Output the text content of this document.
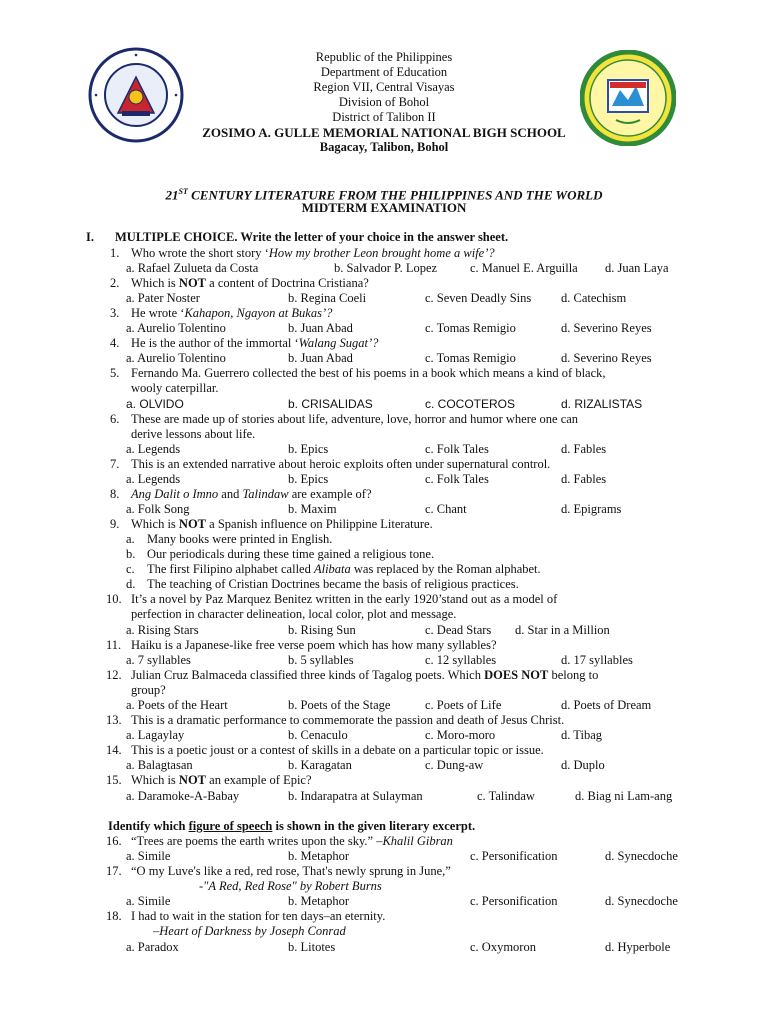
Republic of the Philippines
Department of Education
Region VII, Central Visayas
Division of Bohol
District of Talibon II
ZOSIMO A. GULLE MEMORIAL NATIONAL BIGH SCHOOL
Bagacay, Talibon, Bohol
21ST CENTURY LITERATURE FROM THE PHILIPPINES AND THE WORLD
MIDTERM EXAMINATION
I. MULTIPLE CHOICE. Write the letter of your choice in the answer sheet.
1. Who wrote the short story ‘How my brother Leon brought home a wife’?
a. Rafael Zulueta da Costa	b. Salvador P. Lopez	c. Manuel E. Arguilla d. Juan Laya
2. Which is NOT a content of Doctrina Cristiana?
a. Pater Noster	b. Regina Coeli	c. Seven Deadly Sins d. Catechism
3. He wrote ‘Kahapon, Ngayon at Bukas’?
a. Aurelio Tolentino	b. Juan Abad	c. Tomas Remigio	d. Severino Reyes
4. He is the author of the immortal ‘Walang Sugat’?
a. Aurelio Tolentino	b. Juan Abad	c. Tomas Remigio	d. Severino Reyes
5. Fernando Ma. Guerrero collected the best of his poems in a book which means a kind of black,
wooly caterpillar.
a. OLVIDO	b. CRISALIDAS	c. COCOTEROS	d. RIZALISTAS
6. These are made up of stories about life, adventure, love, horror and humor where one can
derive lessons about life.
a. Legends	b. Epics	c. Folk Tales	d. Fables
7. This is an extended narrative about heroic exploits often under supernatural control.
a. Legends	b. Epics	c. Folk Tales	d. Fables
8. Ang Dalit o Imno and Talindaw are example of?
a. Folk Song	b. Maxim	c. Chant	d. Epigrams
9. Which is NOT a Spanish influence on Philippine Literature.
a. Many books were printed in English.
b. Our periodicals during these time gained a religious tone.
c. The first Filipino alphabet called Alibata was replaced by the Roman alphabet.
d. The teaching of Cristian Doctrines became the basis of religious practices.
10. It’s a novel by Paz Marquez Benitez written in the early 1920’stand out as a model of
perfection in character delineation, local color, plot and message.
a. Rising Stars	b. Rising Sun	c. Dead Stars d. Star in a Million
11. Haiku is a Japanese-like free verse poem which has how many syllables?
a. 7 syllables	b. 5 syllables	c. 12 syllables	d. 17 syllables
12. Julian Cruz Balmaceda classified three kinds of Tagalog poets. Which DOES NOT belong to
group?
a. Poets of the Heart	b. Poets of the Stage	c. Poets of Life	d. Poets of Dream
13. This is a dramatic performance to commemorate the passion and death of Jesus Christ.
a. Lagaylay	b. Cenaculo	c. Moro-moro	d. Tibag
14. This is a poetic joust or a contest of skills in a debate on a particular topic or issue.
a. Balagtasan	b. Karagatan	c. Dung-aw	d. Duplo
15. Which is NOT an example of Epic?
a. Daramoke-A-Babay	b. Indarapatra at Sulayman	c. Talindaw	d. Biag ni Lam-ang
Identify which figure of speech is shown in the given literary excerpt.
16. “Trees are poems the earth writes upon the sky.” –Khalil Gibran
a. Simile	b. Metaphor	c. Personification	d. Synecdoche
17. “O my Luve's like a red, red rose, That's newly sprung in June,”
-"A Red, Red Rose" by Robert Burns
a. Simile	b. Metaphor	c. Personification	d. Synecdoche
18. I had to wait in the station for ten days–an eternity.
–Heart of Darkness by Joseph Conrad
a. Paradox	b. Litotes	c. Oxymoron	d. Hyperbole
